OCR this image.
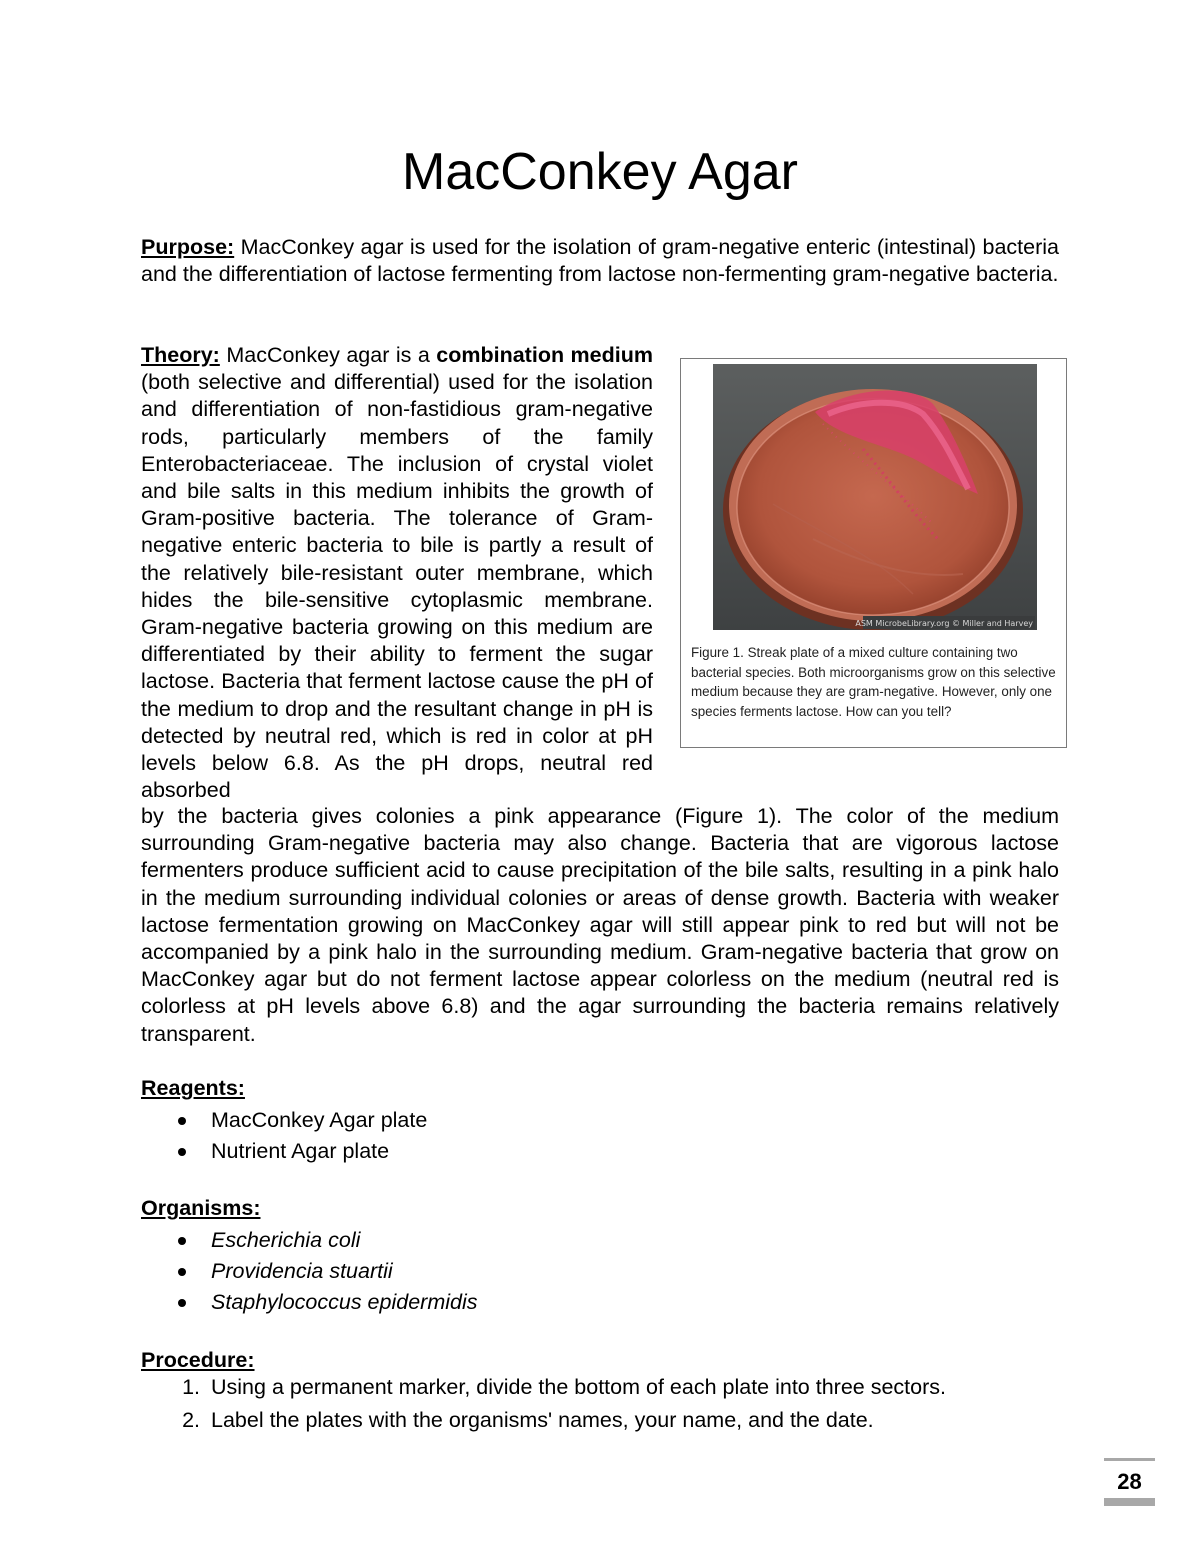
MacConkey Agar

Purpose: MacConkey agar is used for the isolation of gram-negative enteric (intestinal) bacteria and the differentiation of lactose fermenting from lactose non-fermenting gram-negative bacteria.

Theory: MacConkey agar is a combination medium (both selective and differential) used for the isolation and differentiation of non-fastidious gram-negative rods, particularly members of the family Enterobacteriaceae. The inclusion of crystal violet and bile salts in this medium inhibits the growth of Gram-positive bacteria. The tolerance of Gram-negative enteric bacteria to bile is partly a result of the relatively bile-resistant outer membrane, which hides the bile-sensitive cytoplasmic membrane. Gram-negative bacteria growing on this medium are differentiated by their ability to ferment the sugar lactose. Bacteria that ferment lactose cause the pH of the medium to drop and the resultant change in pH is detected by neutral red, which is red in color at pH levels below 6.8. As the pH drops, neutral red absorbed

ASM MicrobeLibrary.org © Miller and Harvey

Figure 1. Streak plate of a mixed culture containing two bacterial species. Both microorganisms grow on this selective medium because they are gram-negative. However, only one species ferments lactose. How can you tell?

by the bacteria gives colonies a pink appearance (Figure 1). The color of the medium surrounding Gram-negative bacteria may also change. Bacteria that are vigorous lactose fermenters produce sufficient acid to cause precipitation of the bile salts, resulting in a pink halo in the medium surrounding individual colonies or areas of dense growth. Bacteria with weaker lactose fermentation growing on MacConkey agar will still appear pink to red but will not be accompanied by a pink halo in the surrounding medium. Gram-negative bacteria that grow on MacConkey agar but do not ferment lactose appear colorless on the medium (neutral red is colorless at pH levels above 6.8) and the agar surrounding the bacteria remains relatively transparent.

Reagents:

MacConkey Agar plate
Nutrient Agar plate

Organisms:

Escherichia coli
Providencia stuartii
Staphylococcus epidermidis

Procedure:

1. Using a permanent marker, divide the bottom of each plate into three sectors.
2. Label the plates with the organisms' names, your name, and the date.
28
